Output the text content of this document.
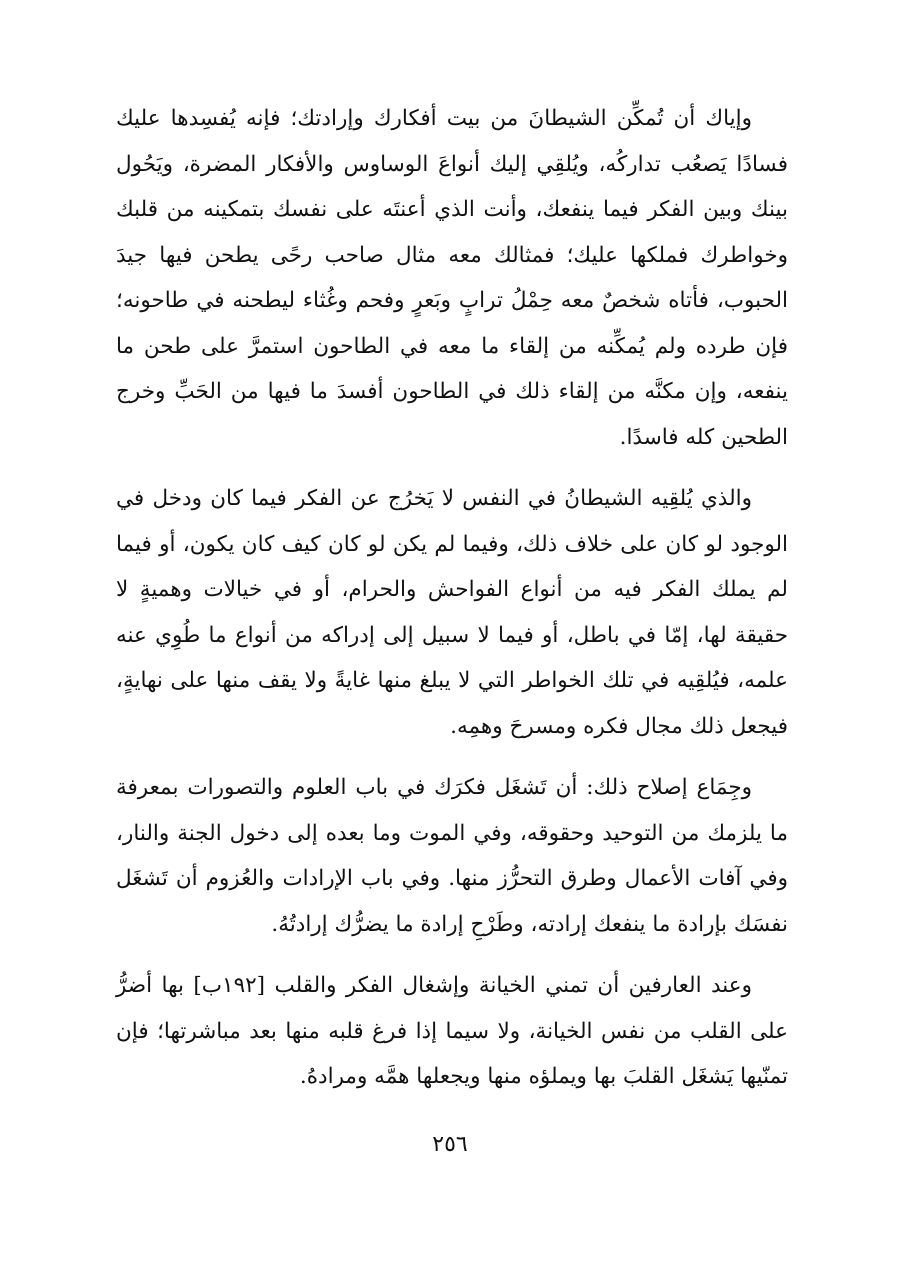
وإياك أن تُمكِّن الشيطانَ من بيت أفكارك وإرادتك؛ فإنه يُفسِدها عليك فسادًا يَصعُب تداركُه، ويُلقِي إليك أنواعَ الوساوس والأفكار المضرة، ويَحُول بينك وبين الفكر فيما ينفعك، وأنت الذي أعنتَه على نفسك بتمكينه من قلبك وخواطرك فملكها عليك؛ فمثالك معه مثال صاحب رحًى يطحن فيها جيدَ الحبوب، فأتاه شخصٌ معه حِمْلُ ترابٍ وبَعرٍ وفحم وغُثاء ليطحنه في طاحونه؛ فإن طرده ولم يُمكِّنه من إلقاء ما معه في الطاحون استمرَّ على طحن ما ينفعه، وإن مكنَّه من إلقاء ذلك في الطاحون أفسدَ ما فيها من الحَبِّ وخرج الطحين كله فاسدًا.

والذي يُلقِيه الشيطانُ في النفس لا يَخرُج عن الفكر فيما كان ودخل في الوجود لو كان على خلاف ذلك، وفيما لم يكن لو كان كيف كان يكون، أو فيما لم يملك الفكر فيه من أنواع الفواحش والحرام، أو في خيالات وهميةٍ لا حقيقة لها، إمّا في باطل، أو فيما لا سبيل إلى إدراكه من أنواع ما طُوِي عنه علمه، فيُلقِيه في تلك الخواطر التي لا يبلغ منها غايةً ولا يقف منها على نهايةٍ، فيجعل ذلك مجال فكره ومسرحَ وهمِه.

وجِمَاع إصلاح ذلك: أن تَشغَل فكرَك في باب العلوم والتصورات بمعرفة ما يلزمك من التوحيد وحقوقه، وفي الموت وما بعده إلى دخول الجنة والنار، وفي آفات الأعمال وطرق التحرُّز منها. وفي باب الإرادات والعُزوم أن تَشغَل نفسَك بإرادة ما ينفعك إرادته، وطَرْحِ إرادة ما يضرُّك إرادتُهُ.

وعند العارفين أن تمني الخيانة وإشغال الفكر والقلب [١٩٢ب] بها أضرُّ على القلب من نفس الخيانة، ولا سيما إذا فرغ قلبه منها بعد مباشرتها؛ فإن تمنّيها يَشغَل القلبَ بها ويملؤه منها ويجعلها همَّه ومرادهُ.

٢٥٦
